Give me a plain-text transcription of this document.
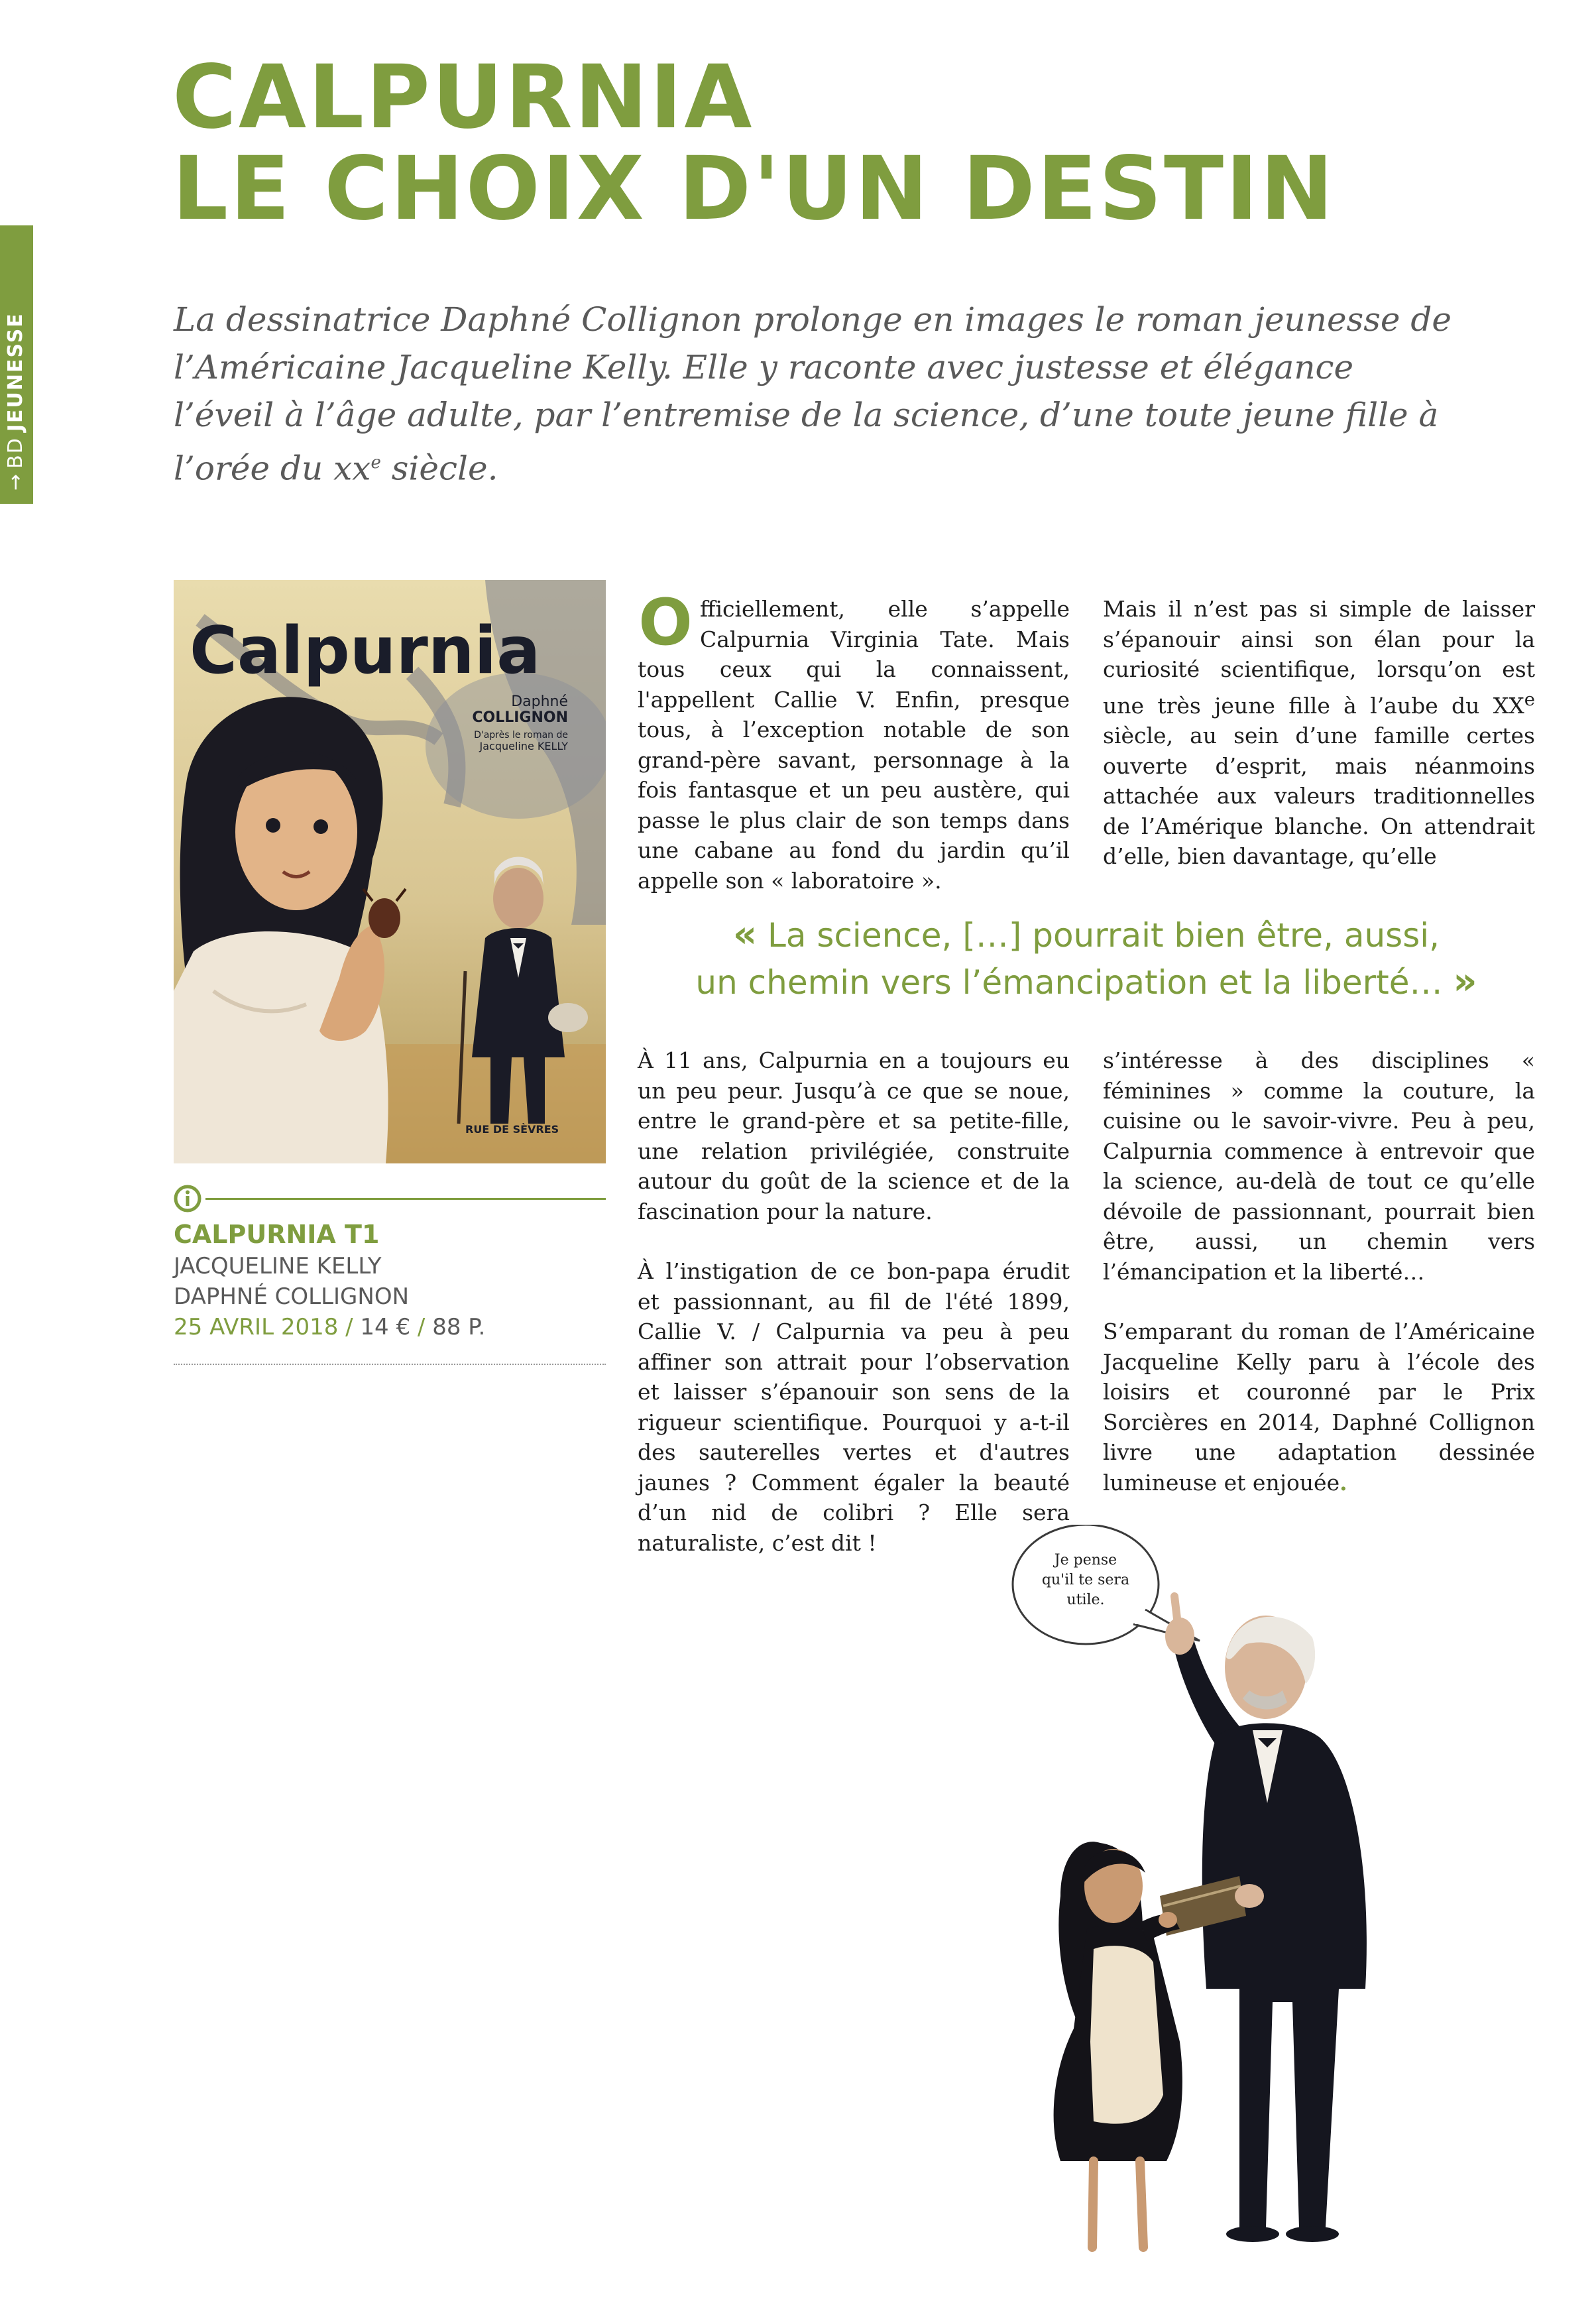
→BDJEUNESSE
CALPURNIA
LE CHOIX D'UN DESTIN

La dessinatrice Daphné Collignon prolonge en images le roman jeunesse de l’Américaine Jacqueline Kelly. Elle y raconte avec justesse et élégance l’éveil à l’âge adulte, par l’entremise de la science, d’une toute jeune fille à l’orée du $xx^e$ siècle.

Calpurnia
Daphné
COLLIGNON
D'après le roman de
Jacqueline KELLY
RUE DE SÈVRES
CALPURNIA T1
JACQUELINE KELLY
DAPHNÉ COLLIGNON
25 AVRIL 2018 / 14 € / 88 P.

O fficiellement, elle s’appelle Calpurnia Virginia Tate. Mais tous ceux qui la connaissent, l'appellent Callie V. Enfin, presque tous, à l’exception notable de son grand-père savant, personnage à la fois fantasque et un peu austère, qui passe le plus clair de son temps dans une cabane au fond du jardin qu’il appelle son « laboratoire ».

Mais il n’est pas si simple de laisser s’épanouir ainsi son élan pour la curiosité scientifique, lorsqu’on est une très jeune fille à l’aube du XXe siècle, au sein d’une famille certes ouverte d’esprit, mais néanmoins attachée aux valeurs traditionnelles de l’Amérique blanche. On attendrait d’elle, bien davantage, qu’elle

« La science, […] pourrait bien être, aussi,
un chemin vers l’émancipation et la liberté… »

À 11 ans, Calpurnia en a toujours eu un peu peur. Jusqu’à ce que se noue, entre le grand-père et sa petite-fille, une relation privilégiée, construite autour du goût de la science et de la fascination pour la nature.

À l’instigation de ce bon-papa érudit et passionnant, au fil de l'été 1899, Callie V. / Calpurnia va peu à peu affiner son attrait pour l’observation et laisser s’épanouir son sens de la rigueur scientifique. Pourquoi y a-t-il des sauterelles vertes et d'autres jaunes ? Comment égaler la beauté d’un nid de colibri ? Elle sera naturaliste, c’est dit !

s’intéresse à des disciplines « féminines » comme la couture, la cuisine ou le savoir-vivre. Peu à peu, Calpurnia commence à entrevoir que la science, au-delà de tout ce qu’elle dévoile de passionnant, pourrait bien être, aussi, un chemin vers l’émancipation et la liberté…

S’emparant du roman de l’Américaine Jacqueline Kelly paru à l’école des loisirs et couronné par le Prix Sorcières en 2014, Daphné Collignon livre une adaptation dessinée lumineuse et enjouée.

Je pense
qu'il te sera
utile.
